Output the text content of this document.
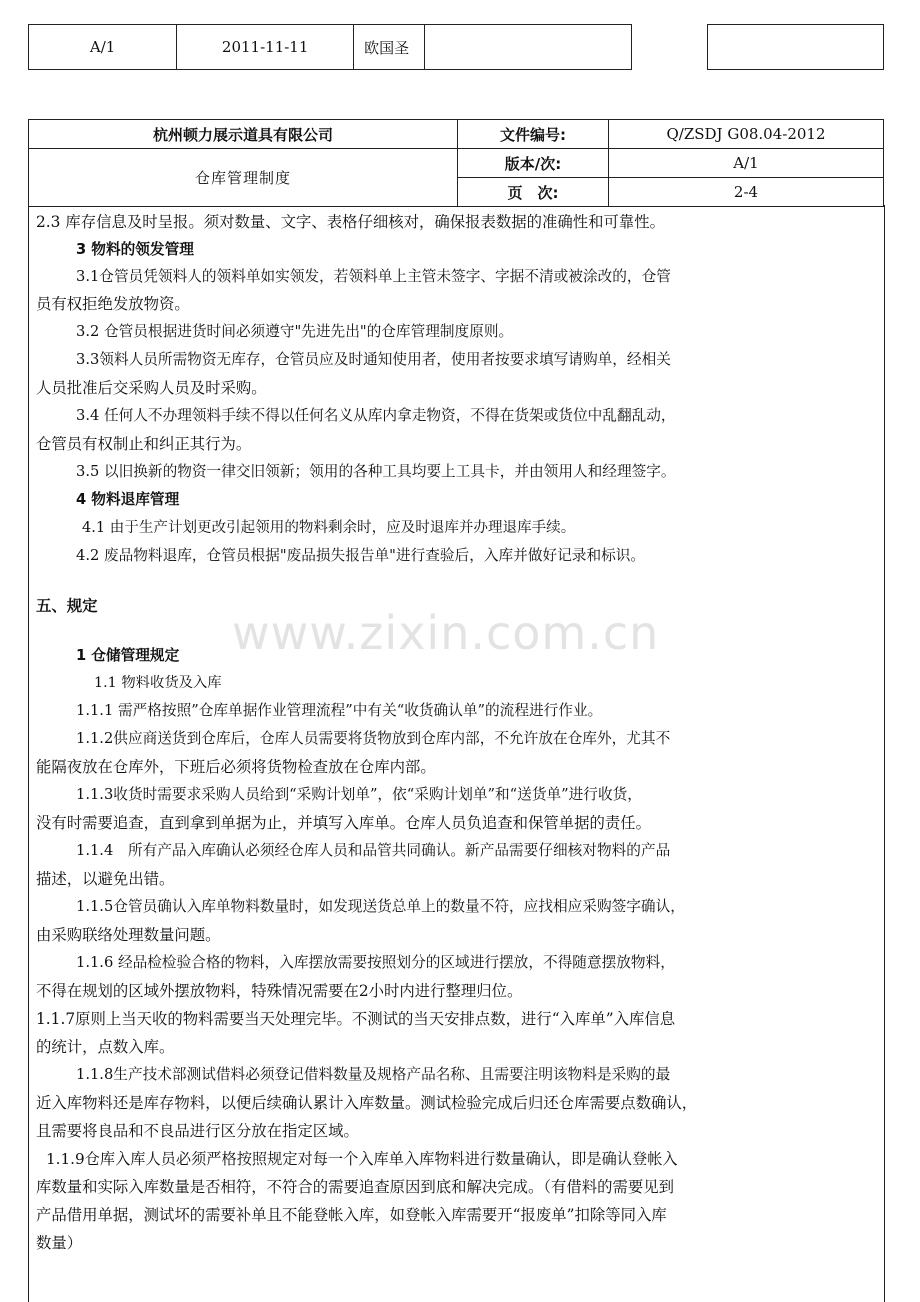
A/1	2011-11-11	欧国圣			
杭州顿力展示道具有限公司	文件编号:	Q/ZSDJ G08.04-2012
仓库管理制度	版本/次:	A/1
	页　次:	2-4
www.zixin.com.cn
2.3 库存信息及时呈报。须对数量、文字、表格仔细核对，确保报表数据的准确性和可靠性。
3 物料的领发管理
3.1仓管员凭领料人的领料单如实领发，若领料单上主管未签字、字据不清或被涂改的，仓管
员有权拒绝发放物资。
3.2 仓管员根据进货时间必须遵守"先进先出"的仓库管理制度原则。
3.3领料人员所需物资无库存，仓管员应及时通知使用者，使用者按要求填写请购单，经相关
人员批准后交采购人员及时采购。
3.4 任何人不办理领料手续不得以任何名义从库内拿走物资，不得在货架或货位中乱翻乱动，
仓管员有权制止和纠正其行为。
3.5 以旧换新的物资一律交旧领新；领用的各种工具均要上工具卡，并由领用人和经理签字。
4 物料退库管理
4.1 由于生产计划更改引起领用的物料剩余时，应及时退库并办理退库手续。
4.2 废品物料退库，仓管员根据"废品损失报告单"进行查验后，入库并做好记录和标识。
五、规定
1 仓储管理规定
1.1 物料收货及入库
1.1.1 需严格按照”仓库单据作业管理流程”中有关“收货确认单”的流程进行作业。
1.1.2供应商送货到仓库后，仓库人员需要将货物放到仓库内部，不允许放在仓库外，尤其不
能隔夜放在仓库外，下班后必须将货物检查放在仓库内部。
1.1.3收货时需要求采购人员给到“采购计划单”，依“采购计划单”和“送货单”进行收货，
没有时需要追查，直到拿到单据为止，并填写入库单。仓库人员负追查和保管单据的责任。
1.1.4　所有产品入库确认必须经仓库人员和品管共同确认。新产品需要仔细核对物料的产品
描述，以避免出错。
1.1.5仓管员确认入库单物料数量时，如发现送货总单上的数量不符，应找相应采购签字确认，
由采购联络处理数量问题。
1.1.6 经品检检验合格的物料，入库摆放需要按照划分的区域进行摆放，不得随意摆放物料，
不得在规划的区域外摆放物料，特殊情况需要在2小时内进行整理归位。
1.1.7原则上当天收的物料需要当天处理完毕。不测试的当天安排点数，进行“入库单”入库信息
的统计，点数入库。
1.1.8生产技术部测试借料必须登记借料数量及规格产品名称、且需要注明该物料是采购的最
近入库物料还是库存物料，以便后续确认累计入库数量。测试检验完成后归还仓库需要点数确认，
且需要将良品和不良品进行区分放在指定区域。
1.1.9仓库入库人员必须严格按照规定对每一个入库单入库物料进行数量确认，即是确认登帐入
库数量和实际入库数量是否相符，不符合的需要追查原因到底和解决完成。（有借料的需要见到
产品借用单据，测试坏的需要补单且不能登帐入库，如登帐入库需要开“报废单”扣除等同入库
数量）
